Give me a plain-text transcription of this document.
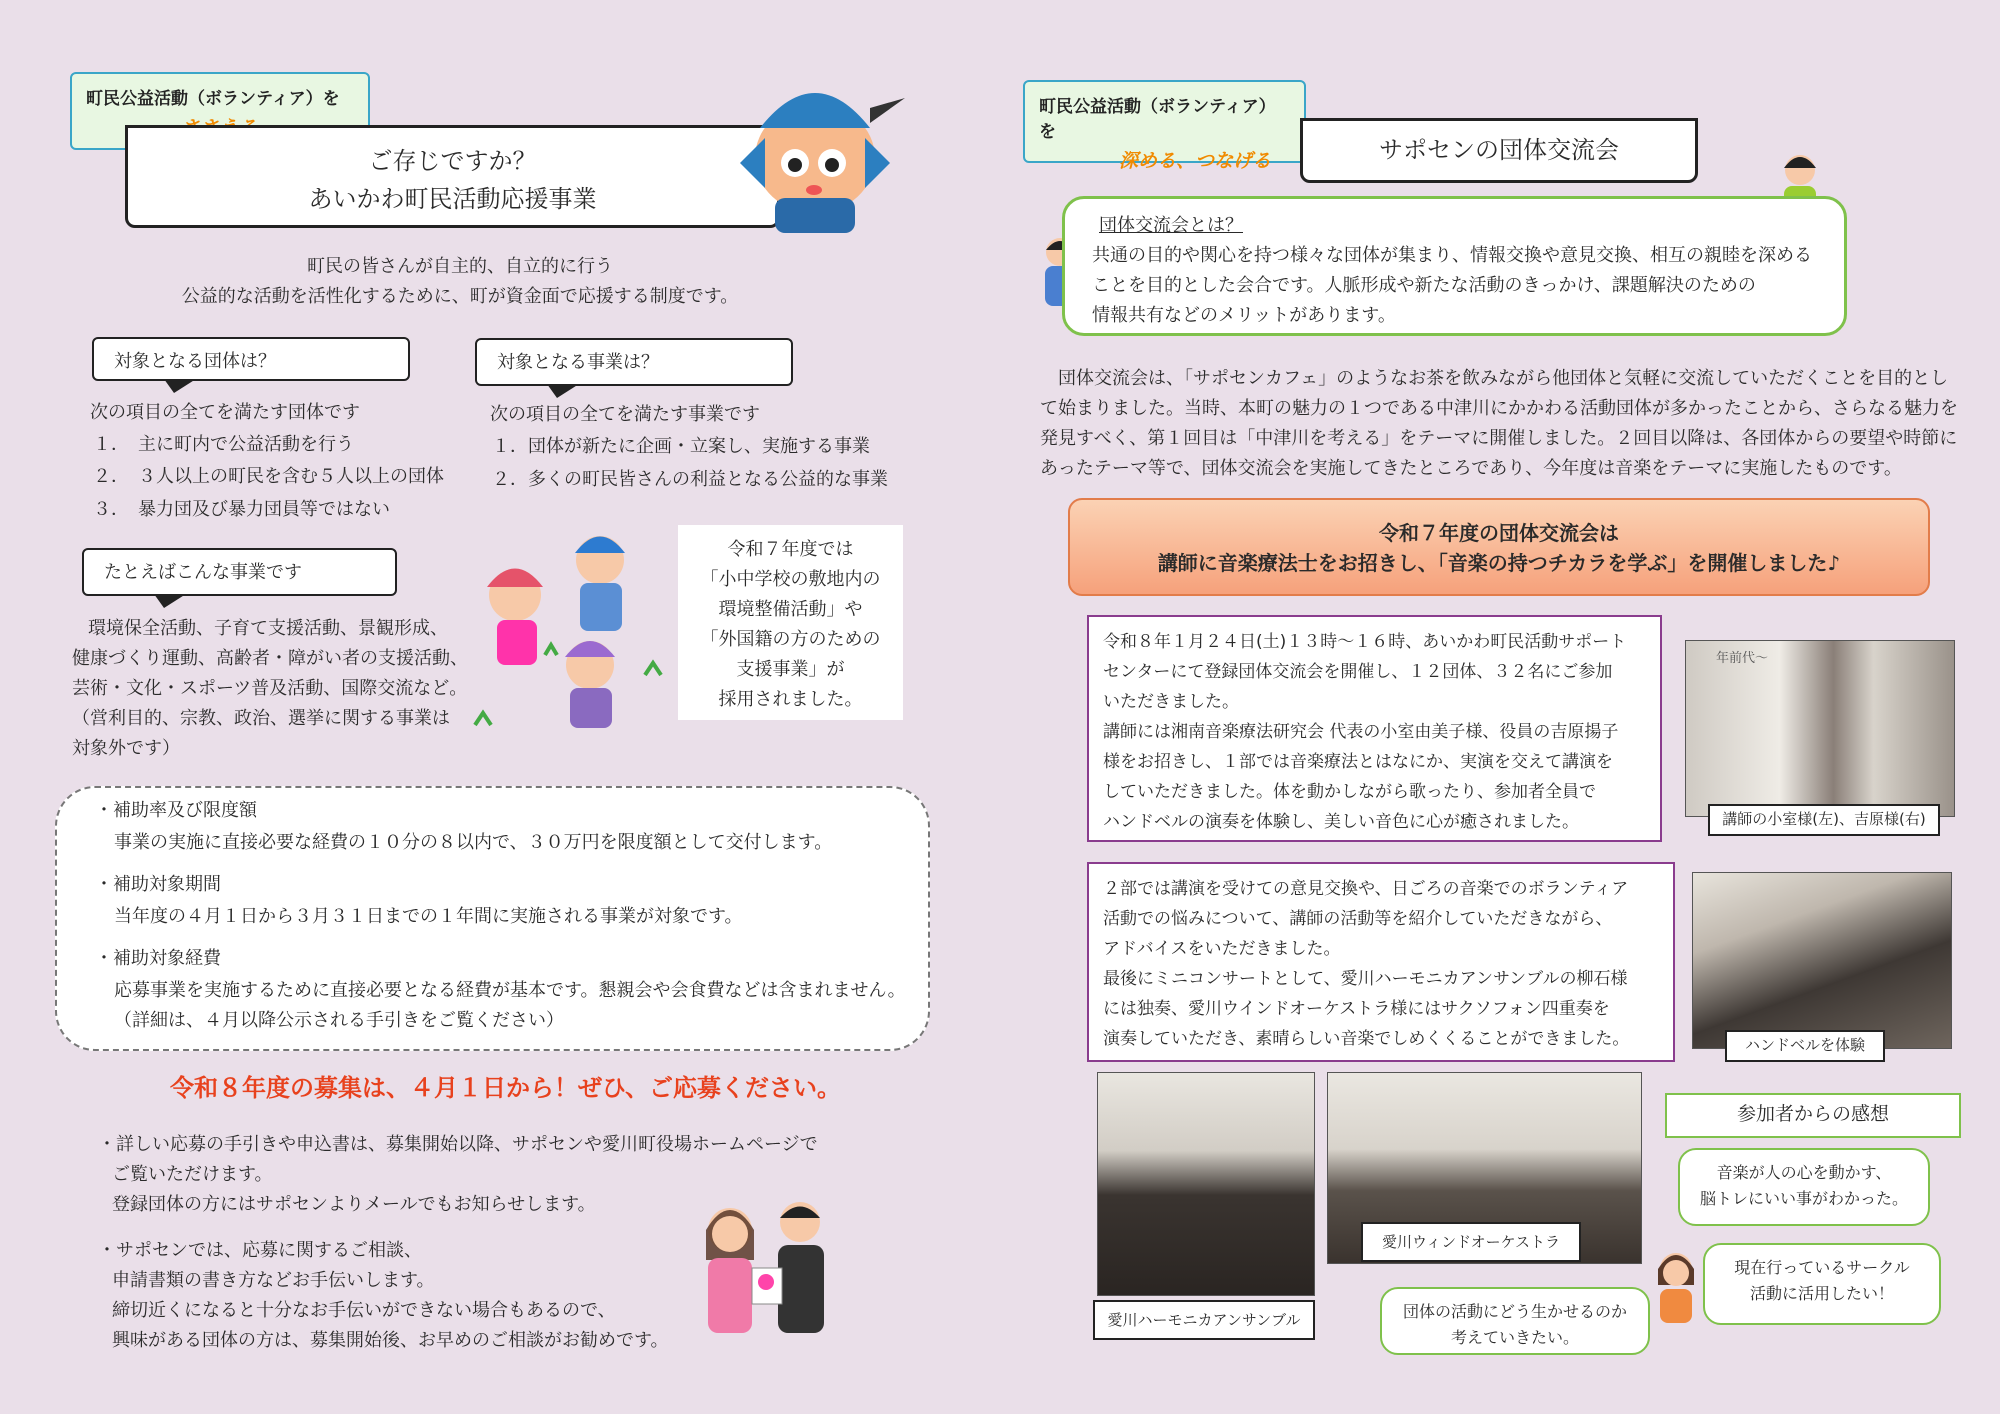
町民公益活動（ボランティア）を
ご存じですか？
あいかわ町民活動応援事業
町民の皆さんが自主的、自立的に行う
公益的な活動を活性化するために、町が資金面で応援する制度です。
対象となる団体は？	対象となる事業は？
次の項目の全てを満たす団体です
１．　主に町内で公益活動を行う
２．　３人以上の町民を含む５人以上の団体
３．　暴力団及び暴力団員等ではない
次の項目の全てを満たす事業です
１．団体が新たに企画・立案し、実施する事業
２．多くの町民皆さんの利益となる公益的な事業
たとえばこんな事業です
環境保全活動、子育て支援活動、景観形成、
健康づくり運動、高齢者・障がい者の支援活動、
芸術・文化・スポーツ普及活動、国際交流など。
（営利目的、宗教、政治、選挙に関する事業は
対象外です）
令和７年度では
「小中学校の敷地内の
環境整備活動」や
「外国籍の方のための
支援事業」が
採用されました。
・補助率及び限度額
事業の実施に直接必要な経費の１０分の８以内で、３０万円を限度額として交付します。
・補助対象期間
当年度の４月１日から３月３１日までの１年間に実施される事業が対象です。
・補助対象経費
応募事業を実施するために直接必要となる経費が基本です。懇親会や会食費などは含まれません。
（詳細は、４月以降公示される手引きをご覧ください）
令和８年度の募集は、４月１日から！ぜひ、ご応募ください。
・詳しい応募の手引きや申込書は、募集開始以降、サポセンや愛川町役場ホームページで
ご覧いただけます。
登録団体の方にはサポセンよりメールでもお知らせします。
・サポセンでは、応募に関するご相談、
申請書類の書き方などお手伝いします。
締切近くになると十分なお手伝いができない場合もあるので、
興味がある団体の方は、募集開始後、お早めのご相談がお勧めです。
町民公益活動（ボランティア）を
深める、つなげる	サポセンの団体交流会
団体交流会とは？
共通の目的や関心を持つ様々な団体が集まり、情報交換や意見交換、相互の親睦を深める
ことを目的とした会合です。人脈形成や新たな活動のきっかけ、課題解決のための
情報共有などのメリットがあります。
団体交流会は、「サポセンカフェ」のようなお茶を飲みながら他団体と気軽に交流していただくことを目的とし
て始まりました。当時、本町の魅力の１つである中津川にかかわる活動団体が多かったことから、さらなる魅力を
発見すべく、第１回目は「中津川を考える」をテーマに開催しました。２回目以降は、各団体からの要望や時節に
あったテーマ等で、団体交流会を実施してきたところであり、今年度は音楽をテーマに実施したものです。
令和７年度の団体交流会は
講師に音楽療法士をお招きし、「音楽の持つチカラを学ぶ」を開催しました♪
令和８年１月２４日(土)１３時～１６時、あいかわ町民活動サポート
センターにて登録団体交流会を開催し、１２団体、３２名にご参加
いただきました。
講師には湘南音楽療法研究会 代表の小室由美子様、役員の吉原揚子
様をお招きし、１部では音楽療法とはなにか、実演を交えて講演を
していただきました。体を動かしながら歌ったり、参加者全員で
ハンドベルの演奏を体験し、美しい音色に心が癒されました。
年前代〜
講師の小室様(左)、吉原様(右)
２部では講演を受けての意見交換や、日ごろの音楽でのボランティア
活動での悩みについて、講師の活動等を紹介していただきながら、
アドバイスをいただきました。
最後にミニコンサートとして、愛川ハーモニカアンサンブルの柳石様
には独奏、愛川ウインドオーケストラ様にはサクソフォン四重奏を
演奏していただき、素晴らしい音楽でしめくくることができました。	ハンドベルを体験
愛川ハーモニカアンサンブル
愛川ウィンドオーケストラ
参加者からの感想
音楽が人の心を動かす、
脳トレにいい事がわかった。
現在行っているサークル
活動に活用したい！
団体の活動にどう生かせるのか
考えていきたい。
